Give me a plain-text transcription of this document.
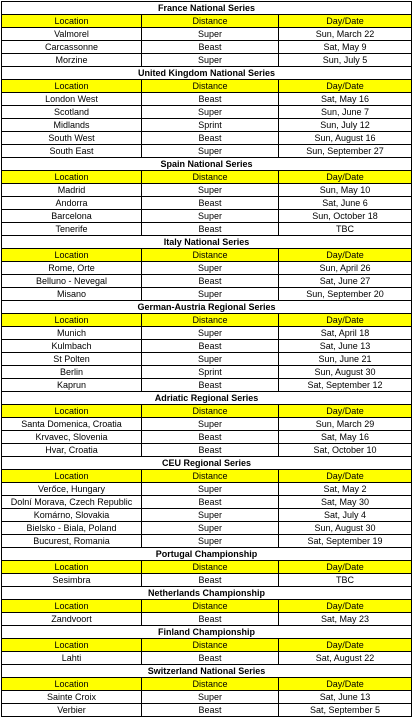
France National Series		
Location	Distance	Day/Date
Valmorel	Super	Sun, March 22
Carcassonne	Beast	Sat, May 9
Morzine	Super	Sun, July 5
United Kingdom National Series		
Location	Distance	Day/Date
London West	Beast	Sat, May 16
Scotland	Super	Sun, June 7
Midlands	Sprint	Sun, July 12
South West	Beast	Sun, August 16
South East	Super	Sun, September 27
Spain National Series		
Location	Distance	Day/Date
Madrid	Super	Sun, May 10
Andorra	Beast	Sat, June 6
Barcelona	Super	Sun, October 18
Tenerife	Beast	TBC
Italy National Series		
Location	Distance	Day/Date
Rome, Orte	Super	Sun, April 26
Belluno - Nevegal	Beast	Sat, June 27
Misano	Super	Sun, September 20
German-Austria Regional Series		
Location	Distance	Day/Date
Munich	Super	Sat, April 18
Kulmbach	Beast	Sat, June 13
St Polten	Super	Sun, June 21
Berlin	Sprint	Sun, August 30
Kaprun	Beast	Sat, September 12
Adriatic Regional Series		
Location	Distance	Day/Date
Santa Domenica, Croatia	Super	Sun, March 29
Krvavec, Slovenia	Beast	Sat, May 16
Hvar, Croatia	Beast	Sat, October 10
CEU Regional Series		
Location	Distance	Day/Date
Verőce, Hungary	Super	Sat, May 2
Dolní Morava, Czech Republic	Beast	Sat, May 30
Komárno, Slovakia	Super	Sat, July 4
Bielsko - Biala, Poland	Super	Sun, August 30
Bucurest, Romania	Super	Sat, September 19
Portugal Championship		
Location	Distance	Day/Date
Sesimbra	Beast	TBC
Netherlands Championship		
Location	Distance	Day/Date
Zandvoort	Beast	Sat, May 23
Finland Championship		
Location	Distance	Day/Date
Lahti	Beast	Sat, August 22
Switzerland National Series		
Location	Distance	Day/Date
Sainte Croix	Super	Sat, June 13
Verbier	Beast	Sat, September 5
